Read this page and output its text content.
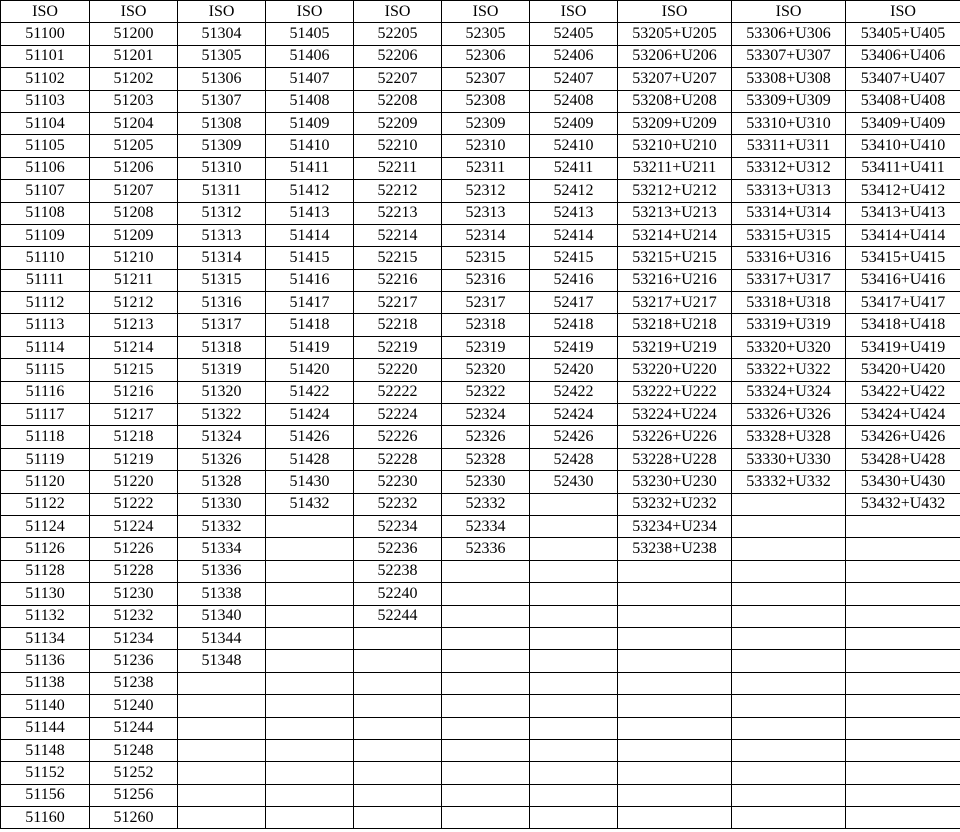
ISO	ISO	ISO	ISO	ISO	ISO	ISO	ISO	ISO	ISO
51100	51200	51304	51405	52205	52305	52405	53205+U205	53306+U306	53405+U405
51101	51201	51305	51406	52206	52306	52406	53206+U206	53307+U307	53406+U406
51102	51202	51306	51407	52207	52307	52407	53207+U207	53308+U308	53407+U407
51103	51203	51307	51408	52208	52308	52408	53208+U208	53309+U309	53408+U408
51104	51204	51308	51409	52209	52309	52409	53209+U209	53310+U310	53409+U409
51105	51205	51309	51410	52210	52310	52410	53210+U210	53311+U311	53410+U410
51106	51206	51310	51411	52211	52311	52411	53211+U211	53312+U312	53411+U411
51107	51207	51311	51412	52212	52312	52412	53212+U212	53313+U313	53412+U412
51108	51208	51312	51413	52213	52313	52413	53213+U213	53314+U314	53413+U413
51109	51209	51313	51414	52214	52314	52414	53214+U214	53315+U315	53414+U414
51110	51210	51314	51415	52215	52315	52415	53215+U215	53316+U316	53415+U415
51111	51211	51315	51416	52216	52316	52416	53216+U216	53317+U317	53416+U416
51112	51212	51316	51417	52217	52317	52417	53217+U217	53318+U318	53417+U417
51113	51213	51317	51418	52218	52318	52418	53218+U218	53319+U319	53418+U418
51114	51214	51318	51419	52219	52319	52419	53219+U219	53320+U320	53419+U419
51115	51215	51319	51420	52220	52320	52420	53220+U220	53322+U322	53420+U420
51116	51216	51320	51422	52222	52322	52422	53222+U222	53324+U324	53422+U422
51117	51217	51322	51424	52224	52324	52424	53224+U224	53326+U326	53424+U424
51118	51218	51324	51426	52226	52326	52426	53226+U226	53328+U328	53426+U426
51119	51219	51326	51428	52228	52328	52428	53228+U228	53330+U330	53428+U428
51120	51220	51328	51430	52230	52330	52430	53230+U230	53332+U332	53430+U430
51122	51222	51330	51432	52232	52332		53232+U232		53432+U432
51124	51224	51332		52234	52334		53234+U234		
51126	51226	51334		52236	52336		53238+U238		
51128	51228	51336		52238					
51130	51230	51338		52240					
51132	51232	51340		52244					
51134	51234	51344							
51136	51236	51348							
51138	51238								
51140	51240								
51144	51244								
51148	51248								
51152	51252								
51156	51256								
51160	51260								
